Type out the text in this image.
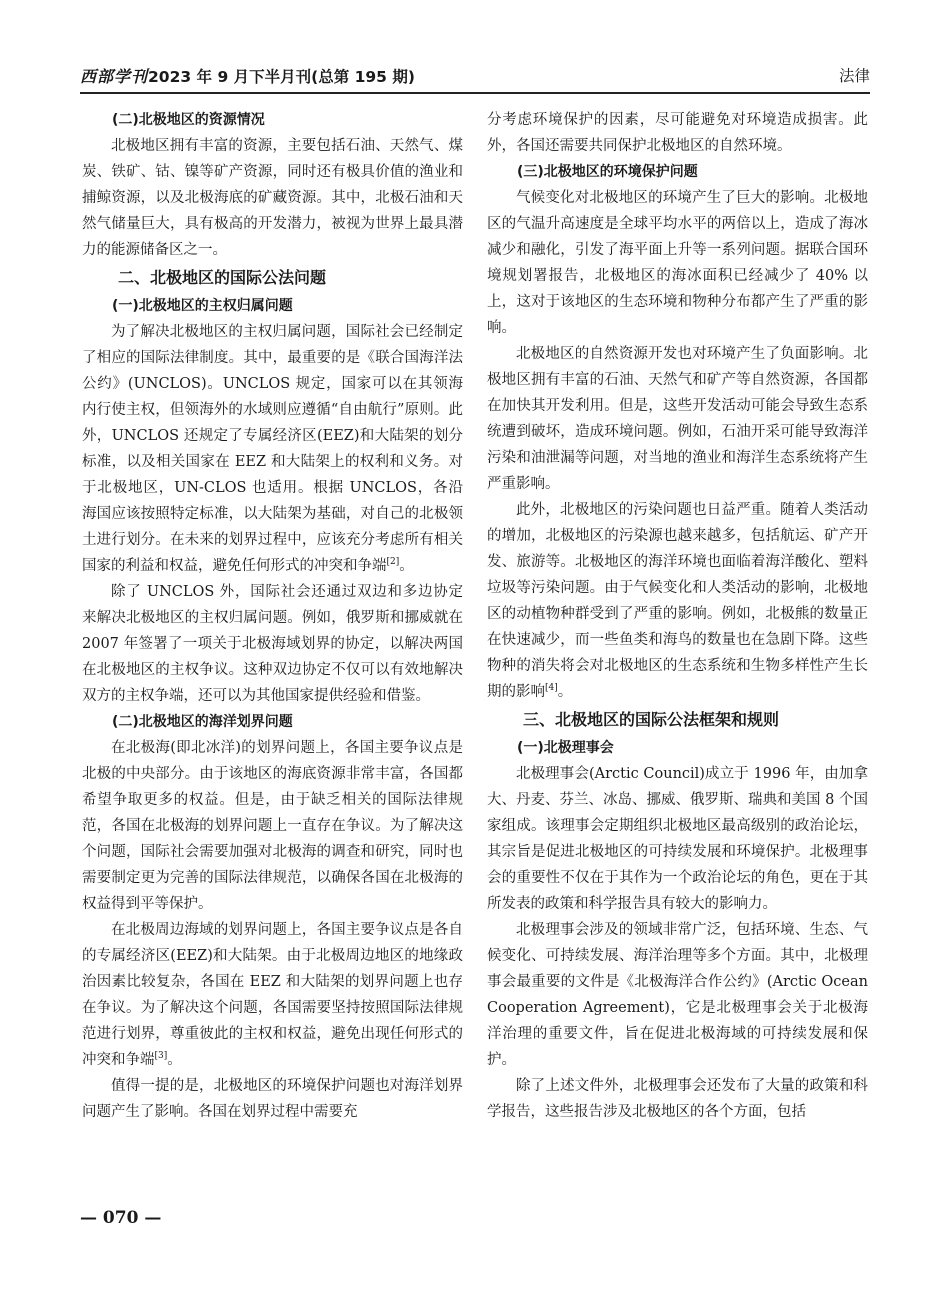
西部学刊2023 年 9 月下半月刊(总第 195 期)	法律
(二)北极地区的资源情况

北极地区拥有丰富的资源，主要包括石油、天然气、煤炭、铁矿、钴、镍等矿产资源，同时还有极具价值的渔业和捕鲸资源，以及北极海底的矿藏资源。其中，北极石油和天然气储量巨大，具有极高的开发潜力，被视为世界上最具潜力的能源储备区之一。

二、北极地区的国际公法问题
(一)北极地区的主权归属问题

为了解决北极地区的主权归属问题，国际社会已经制定了相应的国际法律制度。其中，最重要的是《联合国海洋法公约》(UNCLOS)。UNCLOS 规定，国家可以在其领海内行使主权，但领海外的水域则应遵循“自由航行”原则。此外，UNCLOS 还规定了专属经济区(EEZ)和大陆架的划分标准，以及相关国家在 EEZ 和大陆架上的权利和义务。对于北极地区，UN-CLOS 也适用。根据 UNCLOS，各沿海国应该按照特定标准，以大陆架为基础，对自己的北极领土进行划分。在未来的划界过程中，应该充分考虑所有相关国家的利益和权益，避免任何形式的冲突和争端[2]。

除了 UNCLOS 外，国际社会还通过双边和多边协定来解决北极地区的主权归属问题。例如，俄罗斯和挪威就在 2007 年签署了一项关于北极海域划界的协定，以解决两国在北极地区的主权争议。这种双边协定不仅可以有效地解决双方的主权争端，还可以为其他国家提供经验和借鉴。

(二)北极地区的海洋划界问题

在北极海(即北冰洋)的划界问题上，各国主要争议点是北极的中央部分。由于该地区的海底资源非常丰富，各国都希望争取更多的权益。但是，由于缺乏相关的国际法律规范，各国在北极海的划界问题上一直存在争议。为了解决这个问题，国际社会需要加强对北极海的调查和研究，同时也需要制定更为完善的国际法律规范，以确保各国在北极海的权益得到平等保护。

在北极周边海域的划界问题上，各国主要争议点是各自的专属经济区(EEZ)和大陆架。由于北极周边地区的地缘政治因素比较复杂，各国在 EEZ 和大陆架的划界问题上也存在争议。为了解决这个问题，各国需要坚持按照国际法律规范进行划界，尊重彼此的主权和权益，避免出现任何形式的冲突和争端[3]。

值得一提的是，北极地区的环境保护问题也对海洋划界问题产生了影响。各国在划界过程中需要充

分考虑环境保护的因素，尽可能避免对环境造成损害。此外，各国还需要共同保护北极地区的自然环境。

(三)北极地区的环境保护问题

气候变化对北极地区的环境产生了巨大的影响。北极地区的气温升高速度是全球平均水平的两倍以上，造成了海冰减少和融化，引发了海平面上升等一系列问题。据联合国环境规划署报告，北极地区的海冰面积已经减少了 40% 以上，这对于该地区的生态环境和物种分布都产生了严重的影响。

北极地区的自然资源开发也对环境产生了负面影响。北极地区拥有丰富的石油、天然气和矿产等自然资源，各国都在加快其开发利用。但是，这些开发活动可能会导致生态系统遭到破坏，造成环境问题。例如，石油开采可能导致海洋污染和油泄漏等问题，对当地的渔业和海洋生态系统将产生严重影响。

此外，北极地区的污染问题也日益严重。随着人类活动的增加，北极地区的污染源也越来越多，包括航运、矿产开发、旅游等。北极地区的海洋环境也面临着海洋酸化、塑料垃圾等污染问题。由于气候变化和人类活动的影响，北极地区的动植物种群受到了严重的影响。例如，北极熊的数量正在快速减少，而一些鱼类和海鸟的数量也在急剧下降。这些物种的消失将会对北极地区的生态系统和生物多样性产生长期的影响[4]。

三、北极地区的国际公法框架和规则
(一)北极理事会

北极理事会(Arctic Council)成立于 1996 年，由加拿大、丹麦、芬兰、冰岛、挪威、俄罗斯、瑞典和美国 8 个国家组成。该理事会定期组织北极地区最高级别的政治论坛，其宗旨是促进北极地区的可持续发展和环境保护。北极理事会的重要性不仅在于其作为一个政治论坛的角色，更在于其所发表的政策和科学报告具有较大的影响力。

北极理事会涉及的领域非常广泛，包括环境、生态、气候变化、可持续发展、海洋治理等多个方面。其中，北极理事会最重要的文件是《北极海洋合作公约》(Arctic Ocean Cooperation Agreement)，它是北极理事会关于北极海洋治理的重要文件，旨在促进北极海域的可持续发展和保护。

除了上述文件外，北极理事会还发布了大量的政策和科学报告，这些报告涉及北极地区的各个方面，包括

— 070 —
